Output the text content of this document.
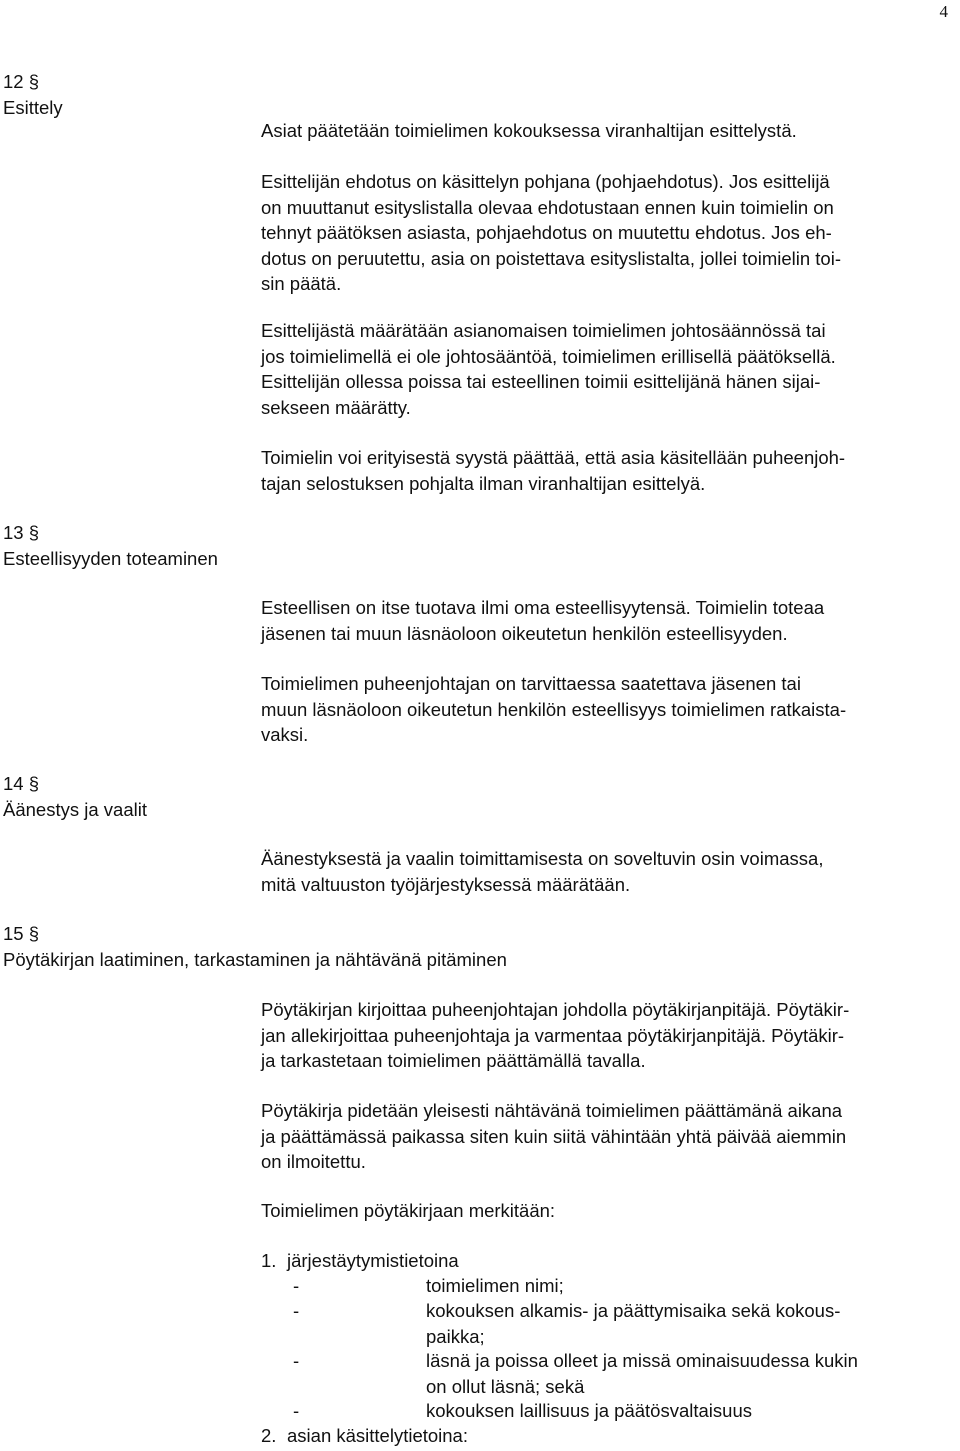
4
12 §
Esittely
13 §
Esteellisyyden toteaminen
14 §
Äänestys ja vaalit
15 §
Pöytäkirjan laatiminen, tarkastaminen ja nähtävänä pitäminen
Asiat päätetään toimielimen kokouksessa viranhaltijan esittelystä.
Esittelijän ehdotus on käsittelyn pohjana (pohjaehdotus). Jos esittelijä
on muuttanut esityslistalla olevaa ehdotustaan ennen kuin toimielin on
tehnyt päätöksen asiasta, pohjaehdotus on muutettu ehdotus. Jos eh-
dotus on peruutettu, asia on poistettava esityslistalta, jollei toimielin toi-
sin päätä.
Esittelijästä määrätään asianomaisen toimielimen johtosäännössä tai
jos toimielimellä ei ole johtosääntöä, toimielimen erillisellä päätöksellä.
Esittelijän ollessa poissa tai esteellinen toimii esittelijänä hänen sijai-
sekseen määrätty.
Toimielin voi erityisestä syystä päättää, että asia käsitellään puheenjoh-
tajan selostuksen pohjalta ilman viranhaltijan esittelyä.
Esteellisen on itse tuotava ilmi oma esteellisyytensä. Toimielin toteaa
jäsenen tai muun läsnäoloon oikeutetun henkilön esteellisyyden.
Toimielimen puheenjohtajan on tarvittaessa saatettava jäsenen tai
muun läsnäoloon oikeutetun henkilön esteellisyys toimielimen ratkaista-
vaksi.
Äänestyksestä ja vaalin toimittamisesta on soveltuvin osin voimassa,
mitä valtuuston työjärjestyksessä määrätään.
Pöytäkirjan kirjoittaa puheenjohtajan johdolla pöytäkirjanpitäjä. Pöytäkir-
jan allekirjoittaa puheenjohtaja ja varmentaa pöytäkirjanpitäjä. Pöytäkir-
ja tarkastetaan toimielimen päättämällä tavalla.
Pöytäkirja pidetään yleisesti nähtävänä toimielimen päättämänä aikana
ja päättämässä paikassa siten kuin siitä vähintään yhtä päivää aiemmin
on ilmoitettu.
Toimielimen pöytäkirjaan merkitään:
1. järjestäytymistietoina
-	toimielimen nimi;
-	kokouksen alkamis- ja päättymisaika sekä kokous-
paikka;
-	läsnä ja poissa olleet ja missä ominaisuudessa kukin
on ollut läsnä; sekä
-	kokouksen laillisuus ja päätösvaltaisuus
2. asian käsittelytietoina:
